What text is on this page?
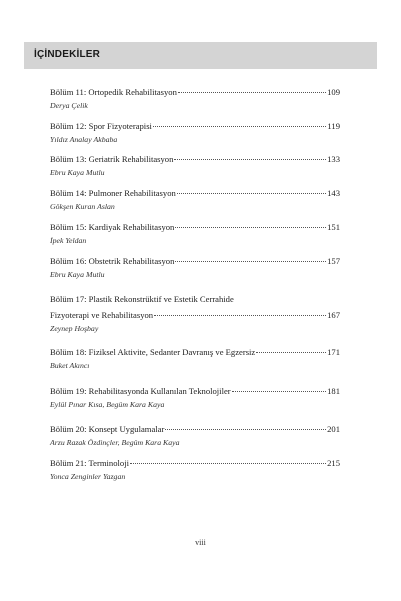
İÇİNDEKİLER
Bölüm 11: Ortopedik Rehabilitasyon	109
Derya Çelik
Bölüm 12: Spor Fizyoterapisi	119
Yıldız Analay Akbaba
Bölüm 13: Geriatrik Rehabilitasyon	133
Ebru Kaya Mutlu
Bölüm 14: Pulmoner Rehabilitasyon	143
Gökşen Kuran Aslan
Bölüm 15: Kardiyak Rehabilitasyon	151
İpek Yeldan
Bölüm 16: Obstetrik Rehabilitasyon	157
Ebru Kaya Mutlu
Bölüm 17: Plastik Rekonstrüktif ve Estetik Cerrahide
Fizyoterapi ve Rehabilitasyon	167
Zeynep Hoşbay
Bölüm 18: Fiziksel Aktivite, Sedanter Davranış ve Egzersiz	171
Buket Akıncı
Bölüm 19: Rehabilitasyonda Kullanılan Teknolojiler	181
Eylül Pınar Kısa, Begüm Kara Kaya
Bölüm 20: Konsept Uygulamalar	201
Arzu Razak Özdinçler, Begüm Kara Kaya
Bölüm 21: Terminoloji	215
Yonca Zenginler Yazgan
viii
